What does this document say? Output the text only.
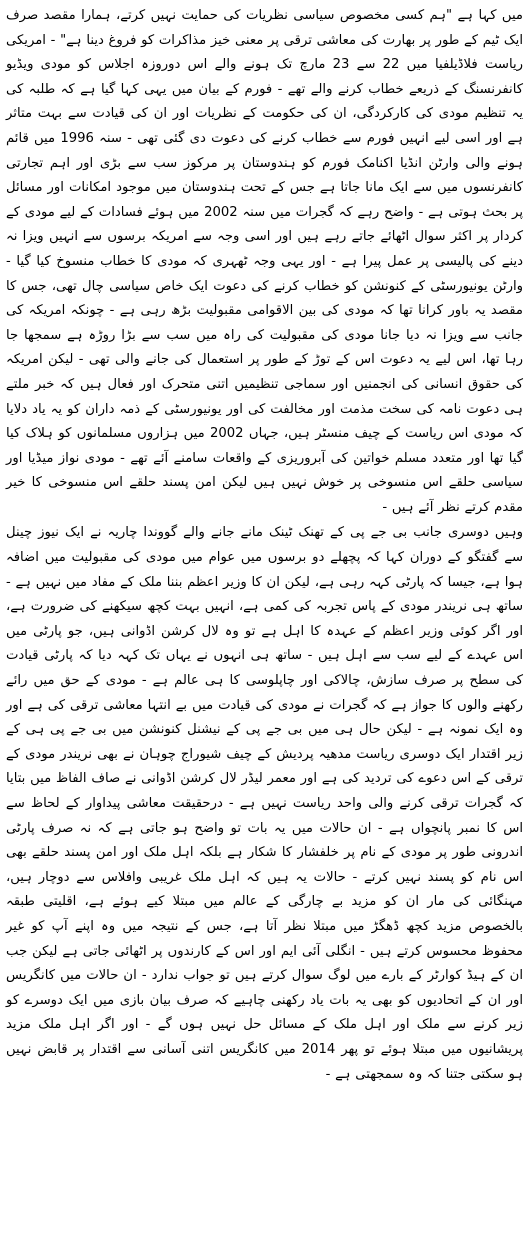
میں کہا ہے "ہم کسی مخصوص سیاسی نظریات کی حمایت نہیں کرتے، ہمارا مقصد صرف ایک ٹیم کے طور پر بھارت کی معاشی ترقی پر معنی خیز مذاکرات کو فروغ دینا ہے" - امریکی ریاست فلاڈیلفیا میں 22 سے 23 مارچ تک ہونے والے اس دوروزہ اجلاس کو مودی ویڈیو کانفرنسنگ کے ذریعے خطاب کرنے والے تھے - فورم کے بیان میں یہی کہا گیا ہے کہ طلبہ کی یہ تنظیم مودی کی کارکردگی، ان کی حکومت کے نظریات اور ان کی قیادت سے بہت متاثر ہے اور اسی لیے انہیں فورم سے خطاب کرنے کی دعوت دی گئی تھی - سنہ 1996 میں قائم ہونے والی وارٹن انڈیا اکنامک فورم کو ہندوستان پر مرکوز سب سے بڑی اور اہم تجارتی کانفرنسوں میں سے ایک مانا جاتا ہے جس کے تحت ہندوستان میں موجود امکانات اور مسائل پر بحث ہوتی ہے - واضح رہے کہ گجرات میں سنہ 2002 میں ہوئے فسادات کے لیے مودی کے کردار پر اکثر سوال اٹھائے جاتے رہے ہیں اور اسی وجہ سے امریکہ برسوں سے انہیں ویزا نہ دینے کی پالیسی پر عمل پیرا ہے - اور یہی وجہ ٹھہری کہ مودی کا خطاب منسوخ کیا گیا - وارٹن یونیورسٹی کے کنونشن کو خطاب کرنے کی دعوت ایک خاص سیاسی چال تھی، جس کا مقصد یہ باور کرانا تھا کہ مودی کی بین الاقوامی مقبولیت بڑھ رہی ہے - چونکہ امریکہ کی جانب سے ویزا نہ دیا جانا مودی کی مقبولیت کی راہ میں سب سے بڑا روڑہ ہے سمجھا جا رہا تھا، اس لیے یہ دعوت اس کے توڑ کے طور پر استعمال کی جانے والی تھی - لیکن امریکہ کی حقوق انسانی کی انجمنیں اور سماجی تنظیمیں اتنی متحرک اور فعال ہیں کہ خبر ملتے ہی دعوت نامہ کی سخت مذمت اور مخالفت کی اور یونیورسٹی کے ذمہ داران کو یہ یاد دلایا کہ مودی اس ریاست کے چیف منسٹر ہیں، جہاں 2002 میں ہزاروں مسلمانوں کو ہلاک کیا گیا تھا اور متعدد مسلم خواتین کی آبروریزی کے واقعات سامنے آئے تھے - مودی نواز میڈیا اور سیاسی حلقے اس منسوخی پر خوش نہیں ہیں لیکن امن پسند حلقے اس منسوخی کا خیر مقدم کرتے نظر آئے ہیں -

وہیں دوسری جانب بی جے پی کے تھنک ٹینک مانے جانے والے گووندا چاریہ نے ایک نیوز چینل سے گفتگو کے دوران کہا کہ پچھلے دو برسوں میں عوام میں مودی کی مقبولیت میں اضافہ ہوا ہے، جیسا کہ پارٹی کہہ رہی ہے، لیکن ان کا وزیر اعظم بننا ملک کے مفاد میں نہیں ہے - ساتھ ہی نریندر مودی کے پاس تجربہ کی کمی ہے، انہیں بہت کچھ سیکھنے کی ضرورت ہے، اور اگر کوئی وزیر اعظم کے عہدہ کا اہل ہے تو وہ لال کرشن اڈوانی ہیں، جو پارٹی میں اس عہدے کے لیے سب سے اہل ہیں - ساتھ ہی انہوں نے یہاں تک کہہ دیا کہ پارٹی قیادت کی سطح پر صرف سازش، چالاکی اور چاپلوسی کا ہی عالم ہے - مودی کے حق میں رائے رکھنے والوں کا جواز ہے کہ گجرات نے مودی کی قیادت میں بے انتہا معاشی ترقی کی ہے اور وہ ایک نمونہ ہے - لیکن حال ہی میں بی جے پی کے نیشنل کنونشن میں بی جے پی ہی کے زیر اقتدار ایک دوسری ریاست مدھیہ پردیش کے چیف شیوراج چوہان نے بھی نریندر مودی کے ترقی کے اس دعوے کی تردید کی ہے اور معمر لیڈر لال کرشن اڈوانی نے صاف الفاظ میں بتایا کہ گجرات ترقی کرنے والی واحد ریاست نہیں ہے - درحقیقت معاشی پیداوار کے لحاظ سے اس کا نمبر پانچواں ہے - ان حالات میں یہ بات تو واضح ہو جاتی ہے کہ نہ صرف پارٹی اندرونی طور پر مودی کے نام پر خلفشار کا شکار ہے بلکہ اہل ملک اور امن پسند حلقے بھی اس نام کو پسند نہیں کرتے - حالات یہ ہیں کہ اہل ملک غریبی وافلاس سے دوچار ہیں، مہنگائی کی مار ان کو مزید بے چارگی کے عالم میں مبتلا کیے ہوئے ہے، اقلیتی طبقہ بالخصوص مزید کچھ ڈھگڑ میں مبتلا نظر آتا ہے، جس کے نتیجہ میں وہ اپنے آپ کو غیر محفوظ محسوس کرتے ہیں - انگلی آئی ایم اور اس کے کارندوں پر اٹھائی جاتی ہے لیکن جب ان کے ہیڈ کوارٹر کے بارے میں لوگ سوال کرتے ہیں تو جواب ندارد - ان حالات میں کانگریس اور ان کے اتحادیوں کو بھی یہ بات یاد رکھنی چاہیے کہ صرف بیان بازی میں ایک دوسرے کو زیر کرنے سے ملک اور اہل ملک کے مسائل حل نہیں ہوں گے - اور اگر اہل ملک مزید پریشانیوں میں مبتلا ہوئے تو پھر 2014 میں کانگریس اتنی آسانی سے اقتدار پر قابض نہیں ہو سکتی جتنا کہ وہ سمجھتی ہے -
